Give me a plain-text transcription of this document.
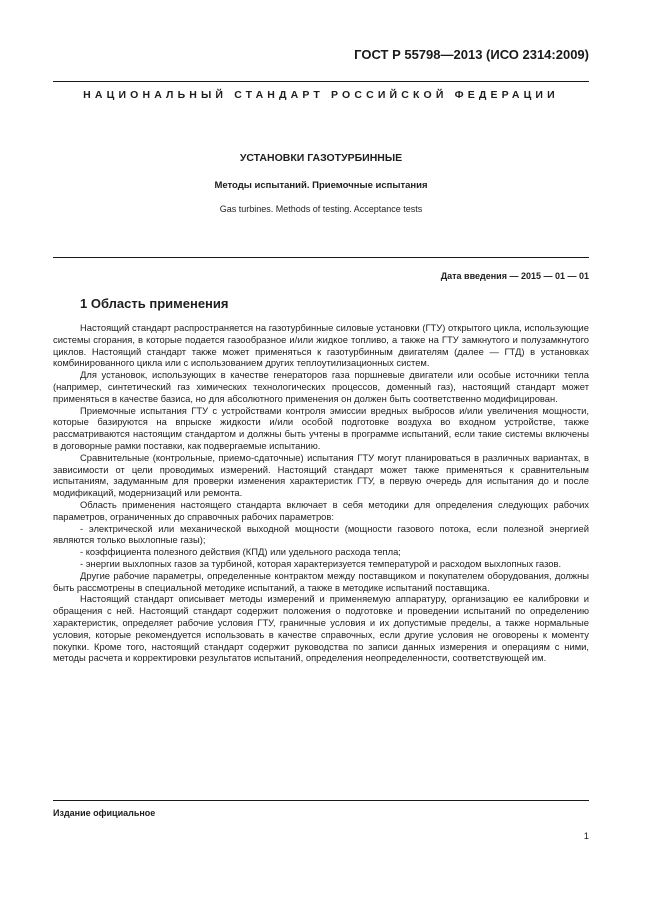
ГОСТ Р 55798—2013 (ИСО 2314:2009)
НАЦИОНАЛЬНЫЙ СТАНДАРТ РОССИЙСКОЙ ФЕДЕРАЦИИ
УСТАНОВКИ ГАЗОТУРБИННЫЕ
Методы испытаний. Приемочные испытания
Gas turbines. Methods of testing. Acceptance tests
Дата введения — 2015 — 01 — 01
1 Область применения

Настоящий стандарт распространяется на газотурбинные силовые установки (ГТУ) открытого цикла, использующие системы сгорания, в которые подается газообразное и/или жидкое топливо, а также на ГТУ замкнутого и полузамкнутого циклов. Настоящий стандарт также может применяться к газотурбинным двигателям (далее — ГТД) в установках комбинированного цикла или с использованием других теплоутилизационных систем.

Для установок, использующих в качестве генераторов газа поршневые двигатели или особые источники тепла (например, синтетический газ химических технологических процессов, доменный газ), настоящий стандарт может применяться в качестве базиса, но для абсолютного применения он должен быть соответственно модифицирован.

Приемочные испытания ГТУ с устройствами контроля эмиссии вредных выбросов и/или увеличения мощности, которые базируются на впрыске жидкости и/или особой подготовке воздуха во входном устройстве, также рассматриваются настоящим стандартом и должны быть учтены в программе испытаний, если такие системы включены в договорные рамки поставки, как подвергаемые испытанию.

Сравнительные (контрольные, приемо-сдаточные) испытания ГТУ могут планироваться в различных вариантах, в зависимости от цели проводимых измерений. Настоящий стандарт может также применяться к сравнительным испытаниям, задуманным для проверки изменения характеристик ГТУ, в первую очередь для испытания до и после модификаций, модернизаций или ремонта.

Область применения настоящего стандарта включает в себя методики для определения следующих рабочих параметров, ограниченных до справочных рабочих параметров:

- электрической или механической выходной мощности (мощности газового потока, если полезной энергией являются только выхлопные газы);

- коэффициента полезного действия (КПД) или удельного расхода тепла;

- энергии выхлопных газов за турбиной, которая характеризуется температурой и расходом выхлопных газов.

Другие рабочие параметры, определенные контрактом между поставщиком и покупателем оборудования, должны быть рассмотрены в специальной методике испытаний, а также в методике испытаний поставщика.

Настоящий стандарт описывает методы измерений и применяемую аппаратуру, организацию ее калибровки и обращения с ней. Настоящий стандарт содержит положения о подготовке и проведении испытаний по определению характеристик, определяет рабочие условия ГТУ, граничные условия и их допустимые пределы, а также нормальные условия, которые рекомендуется использовать в качестве справочных, если другие условия не оговорены к моменту покупки. Кроме того, настоящий стандарт содержит руководства по записи данных измерения и операциям с ними, методы расчета и корректировки результатов испытаний, определения неопределенности, соответствующей им.

Издание официальное
1
